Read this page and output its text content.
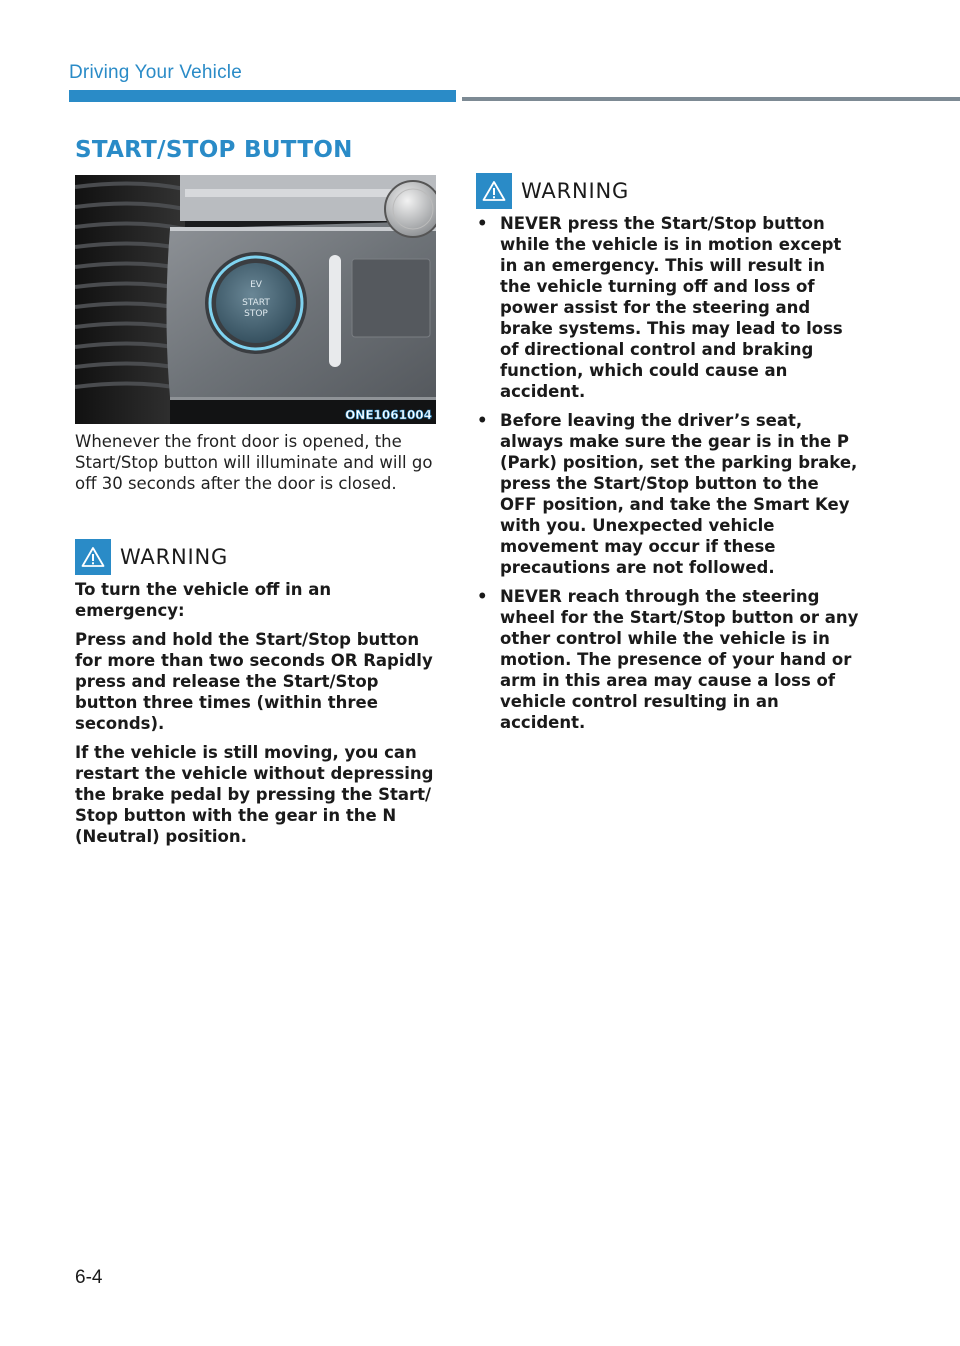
Driving Your Vehicle
START/STOP BUTTON
EV
START
STOP
ONE1061004
Whenever the front door is opened, the Start/Stop button will illuminate and will go off 30 seconds after the door is closed.
WARNING

To turn the vehicle off in an emergency:

Press and hold the Start/Stop button for more than two seconds OR Rapidly press and release the Start/Stop button three times (within three seconds).

If the vehicle is still moving, you can restart the vehicle without depressing the brake pedal by pressing the Start/ Stop button with the gear in the N (Neutral) position.

WARNING
• NEVER press the Start/Stop button while the vehicle is in motion except in an emergency. This will result in the vehicle turning off and loss of power assist for the steering and brake systems. This may lead to loss of directional control and braking function, which could cause an accident.
• Before leaving the driver’s seat, always make sure the gear is in the P (Park) position, set the parking brake, press the Start/Stop button to the OFF position, and take the Smart Key with you. Unexpected vehicle movement may occur if these precautions are not followed.
• NEVER reach through the steering wheel for the Start/Stop button or any other control while the vehicle is in motion. The presence of your hand or arm in this area may cause a loss of vehicle control resulting in an accident.
6-4
